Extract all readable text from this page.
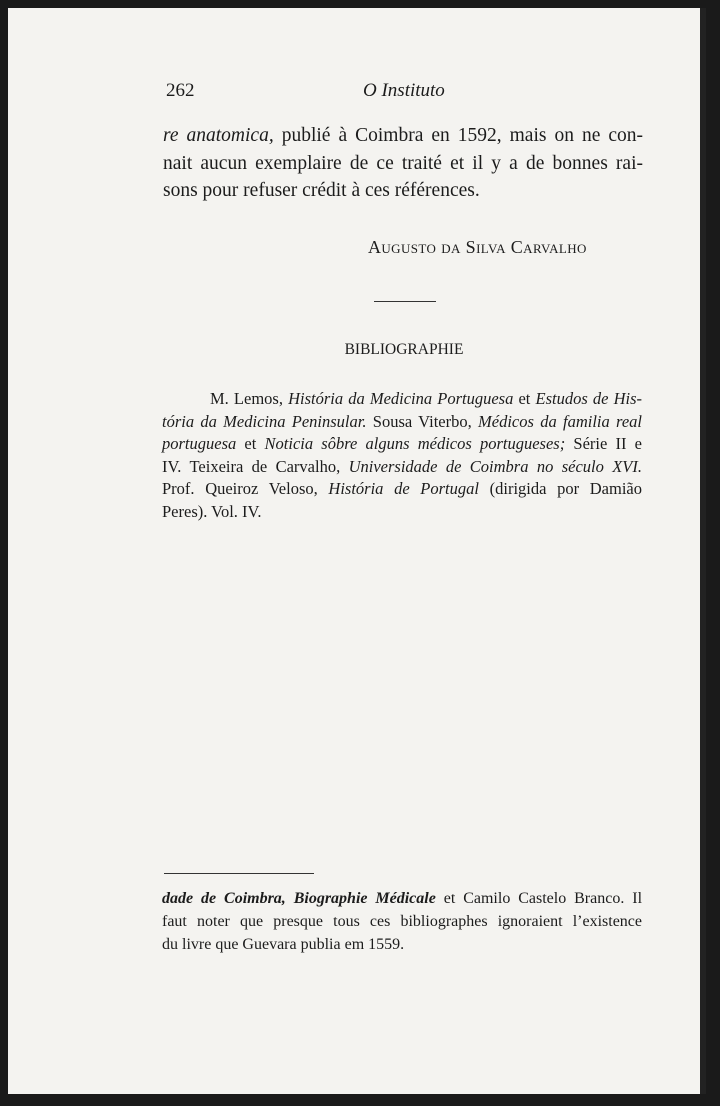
262	O Instituto
re anatomica, publié à Coimbra en 1592, mais on ne con-
nait aucun exemplaire de ce traité et il y a de bonnes rai-
sons pour refuser crédit à ces références.
Augusto da Silva Carvalho
BIBLIOGRAPHIE
M. Lemos, História da Medicina Portuguesa et Estudos de His-
tória da Medicina Peninsular. Sousa Viterbo, Médicos da familia real
portuguesa et Noticia sôbre alguns médicos portugueses; Série II e
IV. Teixeira de Carvalho, Universidade de Coimbra no século XVI.
Prof. Queiroz Veloso, História de Portugal (dirigida por Damião
Peres). Vol. IV.
dade de Coimbra, Biographie Médicale et Camilo Castelo Branco. Il
faut noter que presque tous ces bibliographes ignoraient l’existence
du livre que Guevara publia em 1559.
